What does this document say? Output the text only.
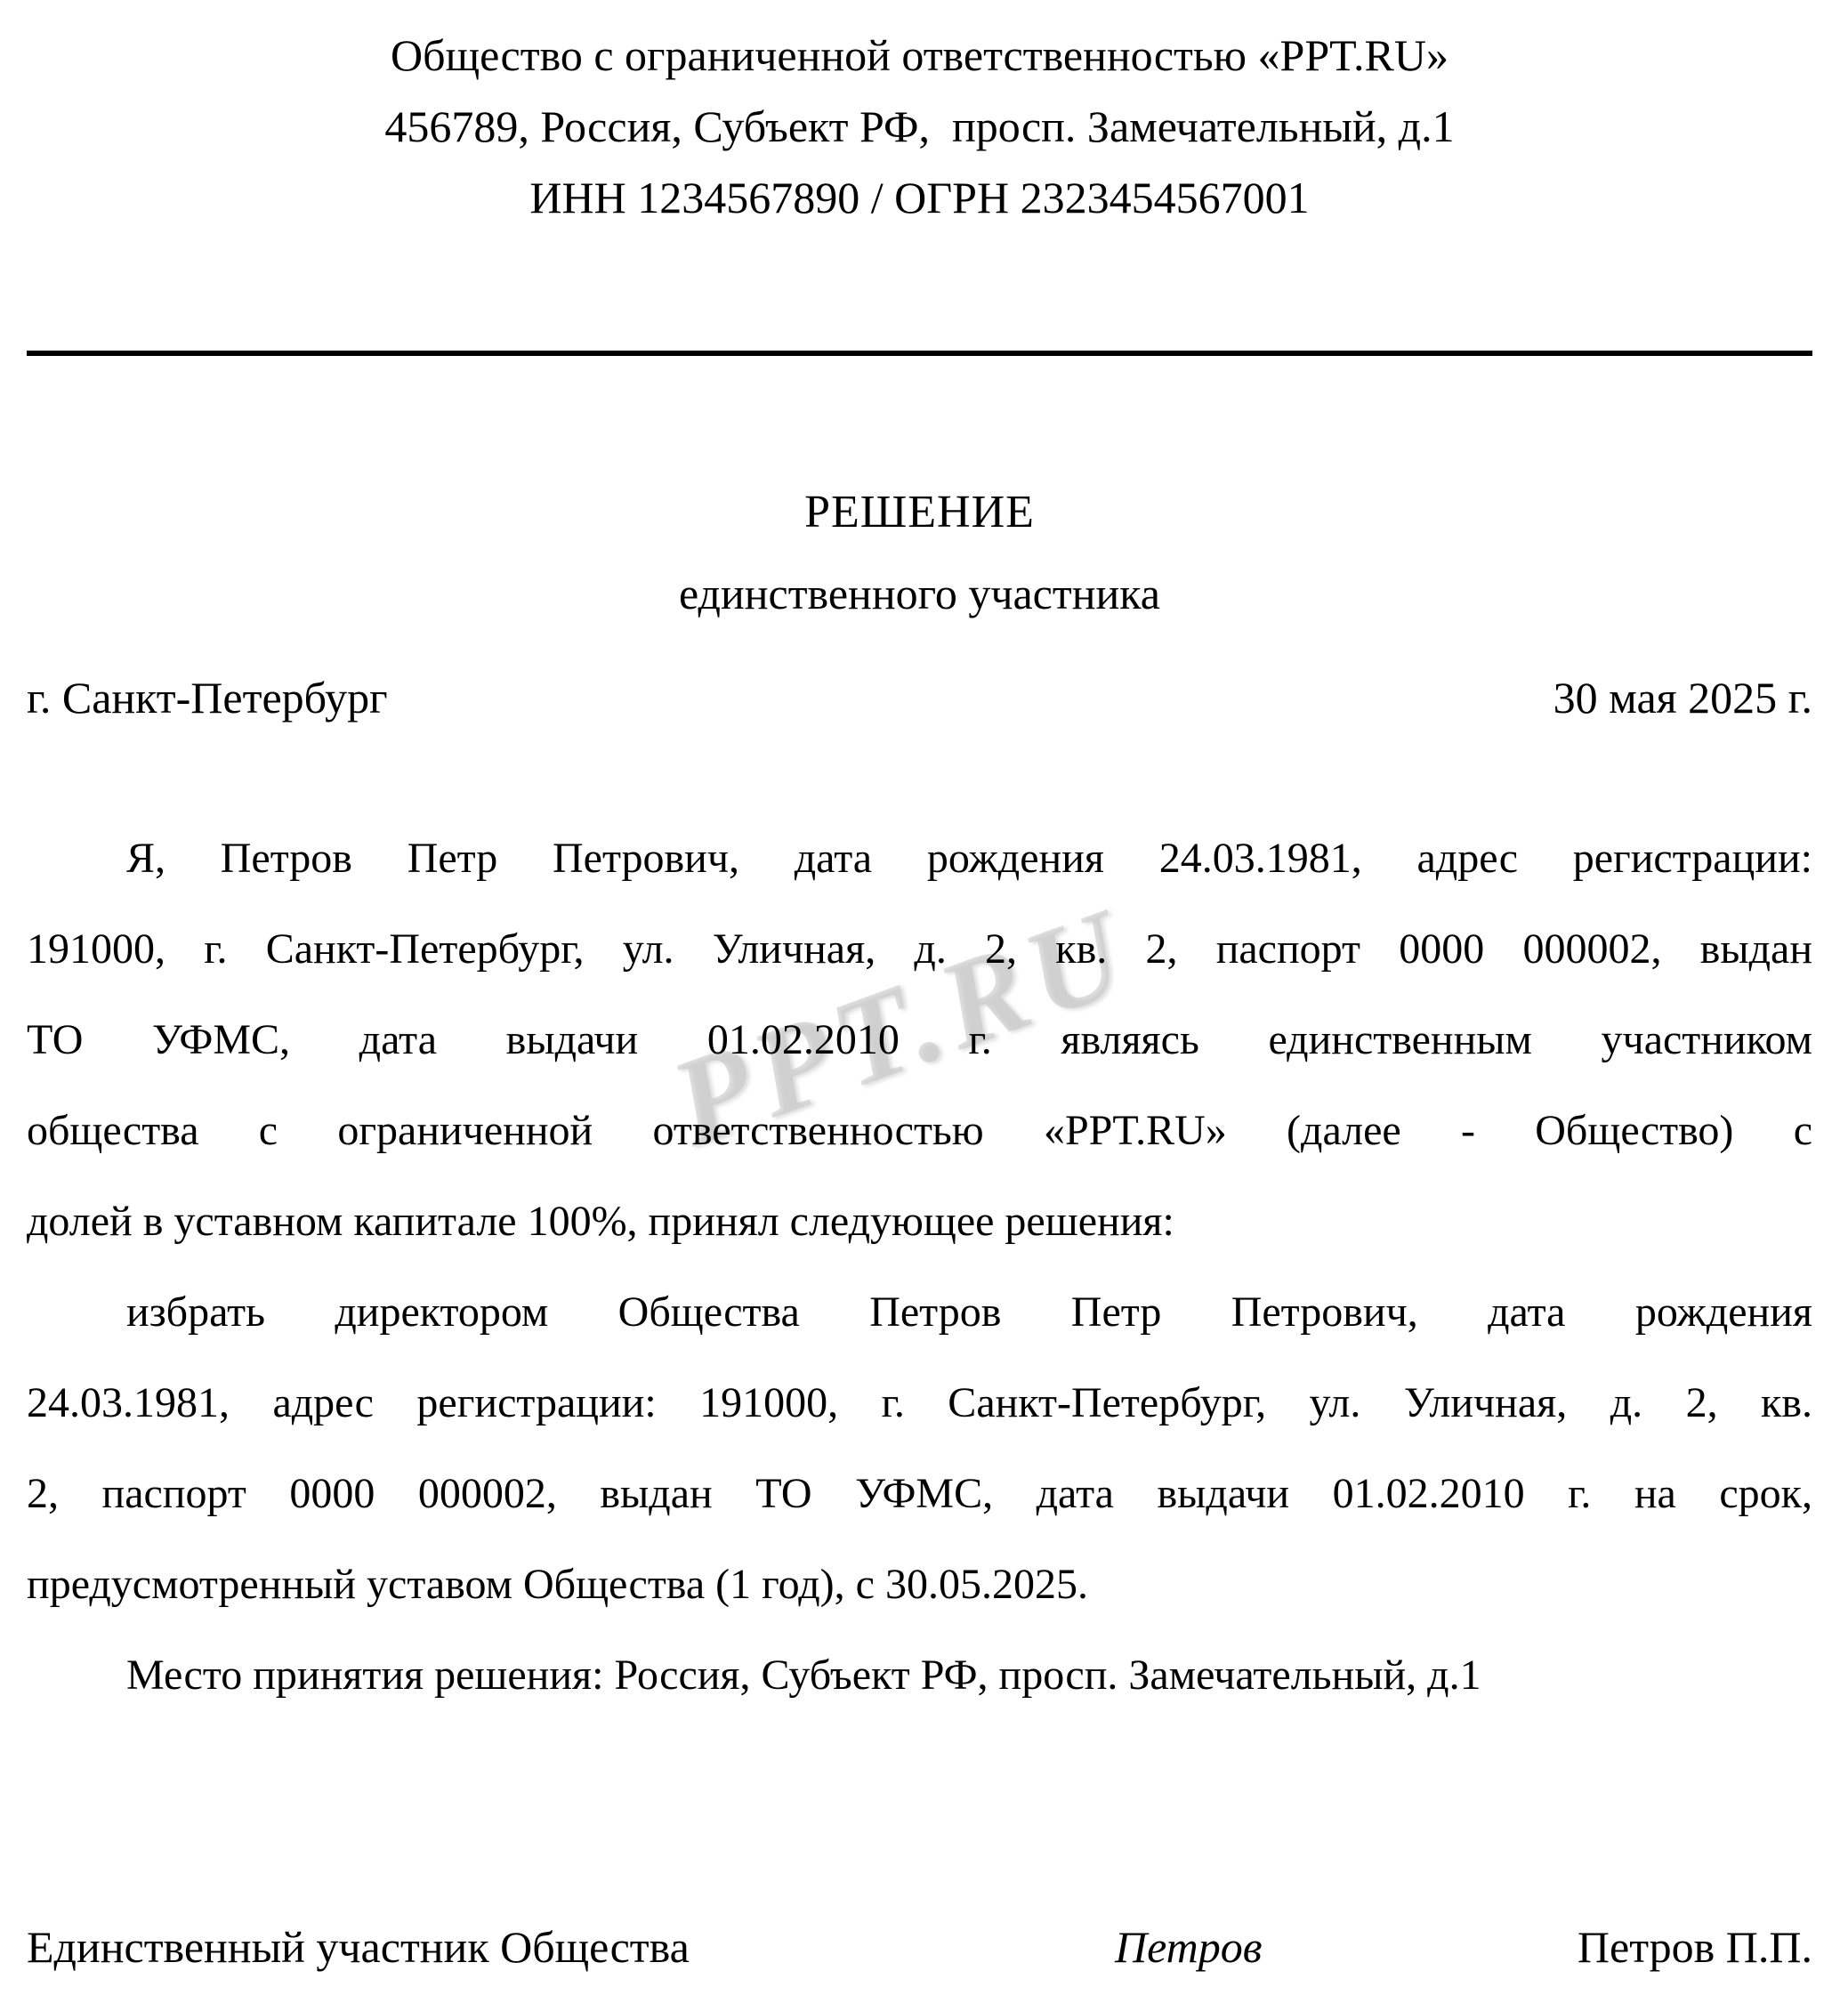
PPT.RU
Общество с ограниченной ответственностью «PPT.RU»
456789, Россия, Субъект РФ,  просп. Замечательный, д.1
ИНН 1234567890 / ОГРН 2323454567001
РЕШЕНИЕ
единственного участника
г. Санкт-Петербург	30 мая 2025 г.
Я, Петров Петр Петрович, дата рождения 24.03.1981, адрес регистрации:
191000, г. Санкт-Петербург, ул. Уличная, д. 2, кв. 2, паспорт 0000 000002, выдан
ТО УФМС, дата выдачи 01.02.2010 г. являясь единственным участником
общества с ограниченной ответственностью «PPT.RU» (далее - Общество) с
долей в уставном капитале 100%, принял следующее решения:
избрать директором Общества Петров Петр Петрович, дата рождения
24.03.1981, адрес регистрации: 191000, г. Санкт-Петербург, ул. Уличная, д. 2, кв.
2, паспорт 0000 000002, выдан ТО УФМС, дата выдачи 01.02.2010 г. на срок,
предусмотренный уставом Общества (1 год), с 30.05.2025.
Место принятия решения: Россия, Субъект РФ, просп. Замечательный, д.1
Единственный участник Общества	Петров	Петров П.П.
